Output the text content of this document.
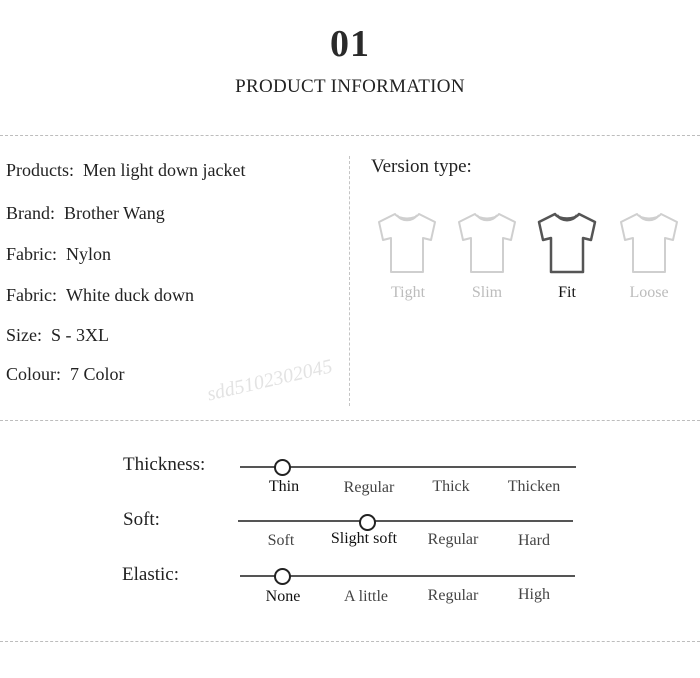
01
PRODUCT INFORMATION
Products: Men light down jacket
Brand: Brother Wang
Fabric: Nylon
Fabric: White duck down
Size: S - 3XL
Colour: 7 Color
Version type:
Tight	Slim	Fit	Loose
sdd5102302045
Thickness:
Thin	Regular	Thick	Thicken
Soft:
Soft	Slight soft	Regular	Hard
Elastic:
None	A little	Regular	High
